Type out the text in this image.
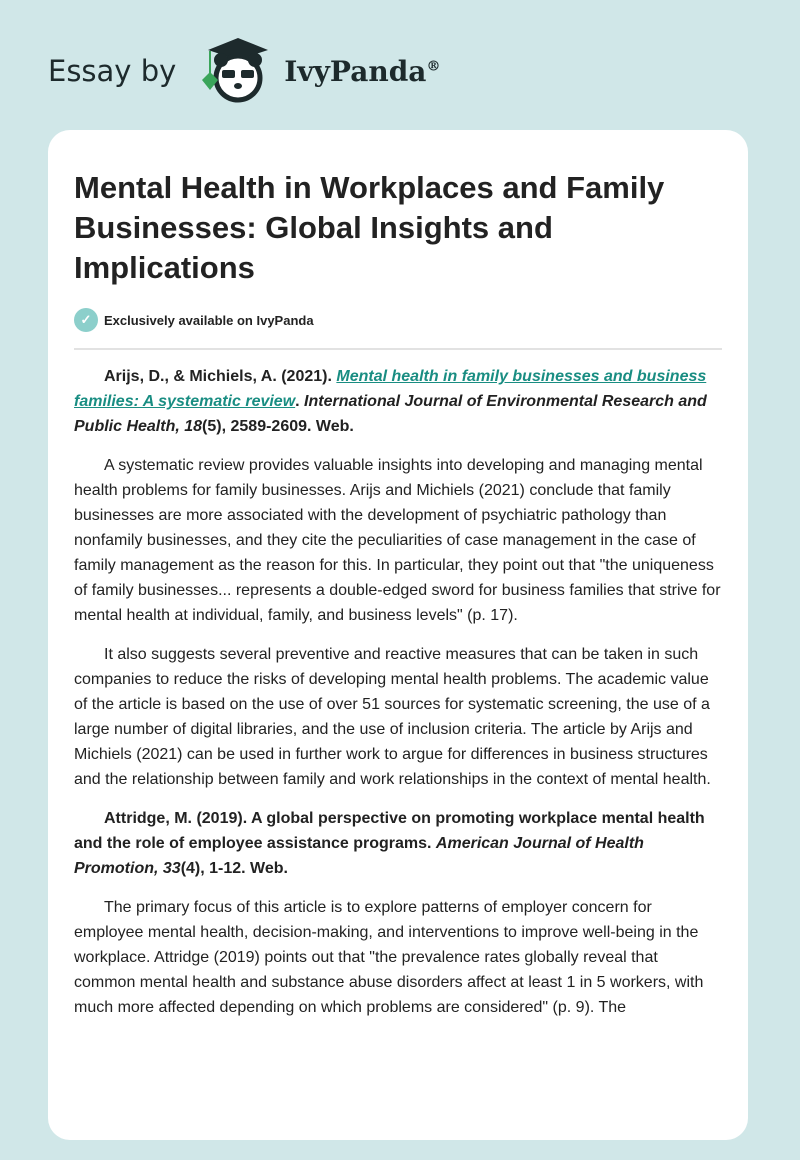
Essay by	IvyPanda®
Mental Health in Workplaces and Family Businesses: Global Insights and Implications
✓ Exclusively available on IvyPanda

Arijs, D., & Michiels, A. (2021). Mental health in family businesses and business families: A systematic review. International Journal of Environmental Research and Public Health, 18(5), 2589-2609. Web.

A systematic review provides valuable insights into developing and managing mental health problems for family businesses. Arijs and Michiels (2021) conclude that family businesses are more associated with the development of psychiatric pathology than nonfamily businesses, and they cite the peculiarities of case management in the case of family management as the reason for this. In particular, they point out that "the uniqueness of family businesses... represents a double-edged sword for business families that strive for mental health at individual, family, and business levels" (p. 17).

It also suggests several preventive and reactive measures that can be taken in such companies to reduce the risks of developing mental health problems. The academic value of the article is based on the use of over 51 sources for systematic screening, the use of a large number of digital libraries, and the use of inclusion criteria. The article by Arijs and Michiels (2021) can be used in further work to argue for differences in business structures and the relationship between family and work relationships in the context of mental health.

Attridge, M. (2019). A global perspective on promoting workplace mental health and the role of employee assistance programs. American Journal of Health Promotion, 33(4), 1-12. Web.

The primary focus of this article is to explore patterns of employer concern for employee mental health, decision-making, and interventions to improve well-being in the workplace. Attridge (2019) points out that "the prevalence rates globally reveal that common mental health and substance abuse disorders affect at least 1 in 5 workers, with much more affected depending on which problems are considered" (p. 9). The
